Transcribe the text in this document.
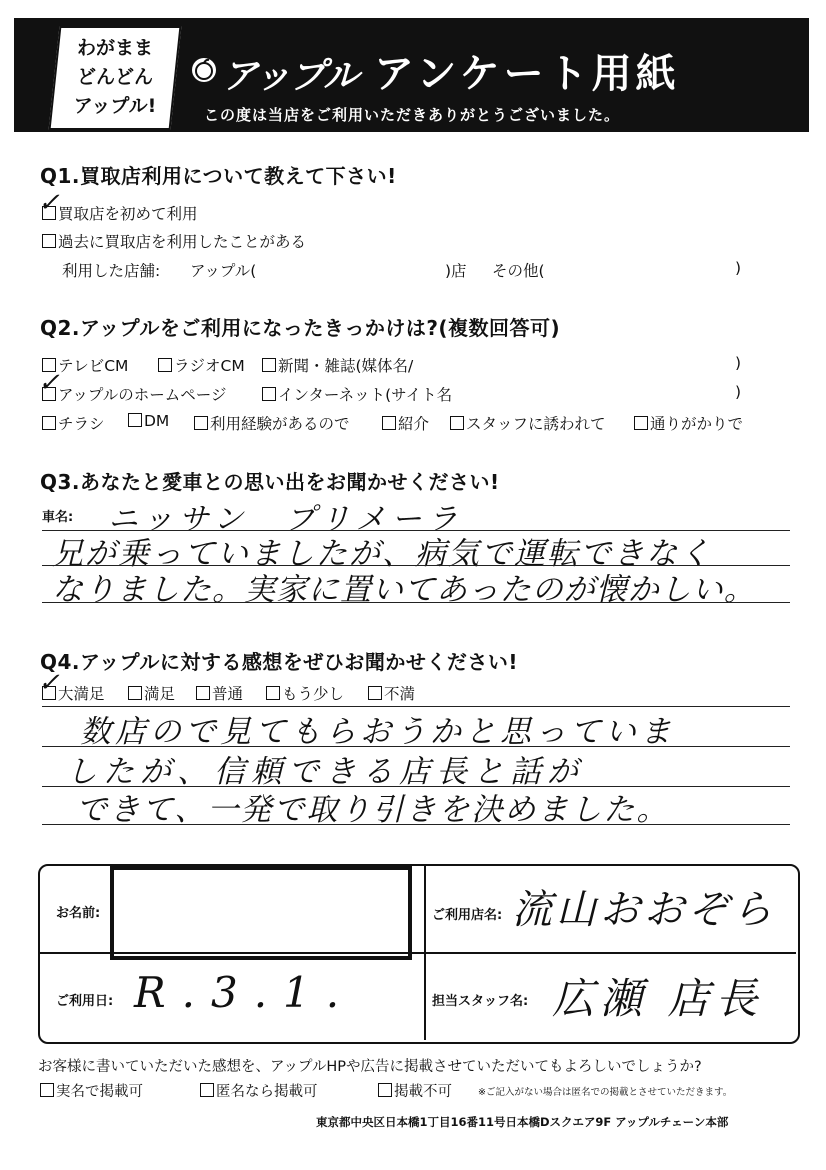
わがまま
どんどん
アップル!
アップル アンケート用紙
この度は当店をご利用いただきありがとうございました。
Q1.買取店利用について教えて下さい!
✓
買取店を初めて利用
過去に買取店を利用したことがある
利用した店舗: アップル(	)店 その他(	)
Q2.アップルをご利用になったきっかけは?(複数回答可)
テレビCM	ラジオCM	新聞・雑誌(媒体名/	)
✓
アップルのホームページ	インターネット(サイト名	)
チラシ	DM	利用経験があるので	紹介	スタッフに誘われて	通りがかりで
Q3.あなたと愛車との思い出をお聞かせください!
車名: ニッサン　プリメーラ
兄が乗っていましたが、病気で運転できなく
なりました。実家に置いてあったのが懐かしい。
Q4.アップルに対する感想をぜひお聞かせください!
✓
大満足	満足	普通	もう少し	不満
数店ので見てもらおうかと思っていま
したが、信頼できる店長と話が
できて、一発で取り引きを決めました。
お名前:	ご利用店名: 流山おおぞら
ご利用日: R.3.1.	担当スタッフ名: 広瀬 店長
お客様に書いていただいた感想を、アップルHPや広告に掲載させていただいてもよろしいでしょうか?
実名で掲載可	匿名なら掲載可	掲載不可	※ご記入がない場合は匿名での掲載とさせていただきます。
東京都中央区日本橋1丁目16番11号日本橋Dスクエア9F アップルチェーン本部
